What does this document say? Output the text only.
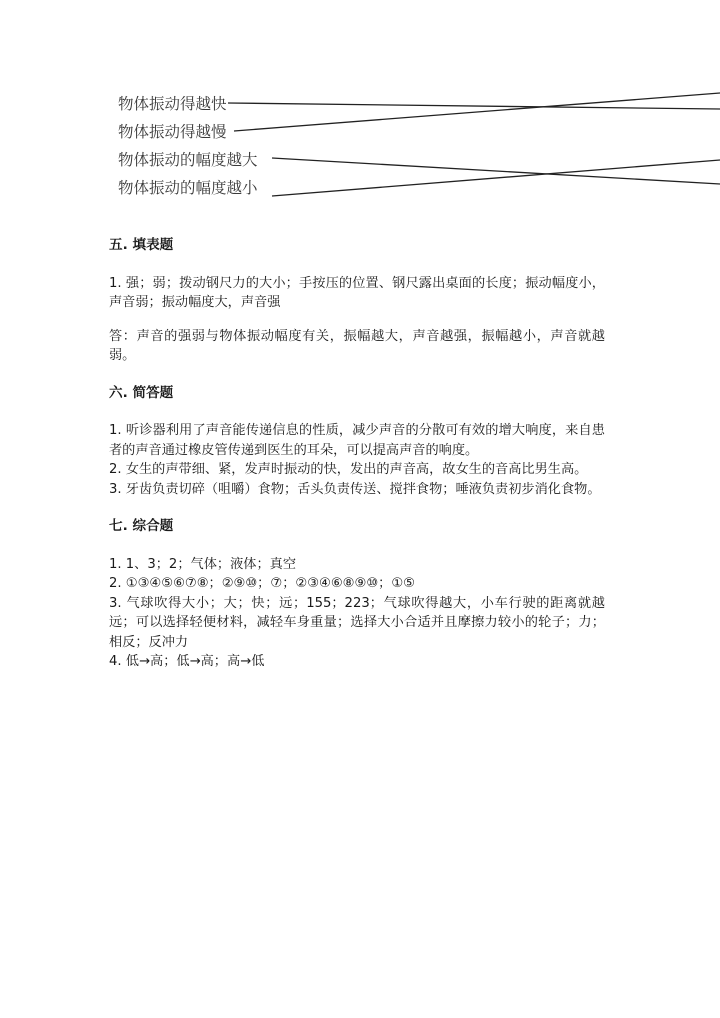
物体振动得越快
物体振动得越慢
物体振动的幅度越大
物体振动的幅度越小
五. 填表题
1. 强；弱；拨动钢尺力的大小；手按压的位置、钢尺露出桌面的长度；振动幅度小，声音弱；振动幅度大，声音强
答：声音的强弱与物体振动幅度有关，振幅越大，声音越强，振幅越小，声音就越弱。
六. 简答题
1. 听诊器利用了声音能传递信息的性质，减少声音的分散可有效的增大响度，来自患者的声音通过橡皮管传递到医生的耳朵，可以提高声音的响度。
2. 女生的声带细、紧，发声时振动的快，发出的声音高，故女生的音高比男生高。
3. 牙齿负责切碎（咀嚼）食物；舌头负责传送、搅拌食物；唾液负责初步消化食物。
七. 综合题
1. 1、3；2；气体；液体；真空
2. ①③④⑤⑥⑦⑧；②⑨⑩；⑦；②③④⑥⑧⑨⑩；①⑤
3. 气球吹得大小；大；快；远；155；223；气球吹得越大，小车行驶的距离就越远；可以选择轻便材料，减轻车身重量；选择大小合适并且摩擦力较小的轮子；力；相反；反冲力
4. 低→高；低→高；高→低
